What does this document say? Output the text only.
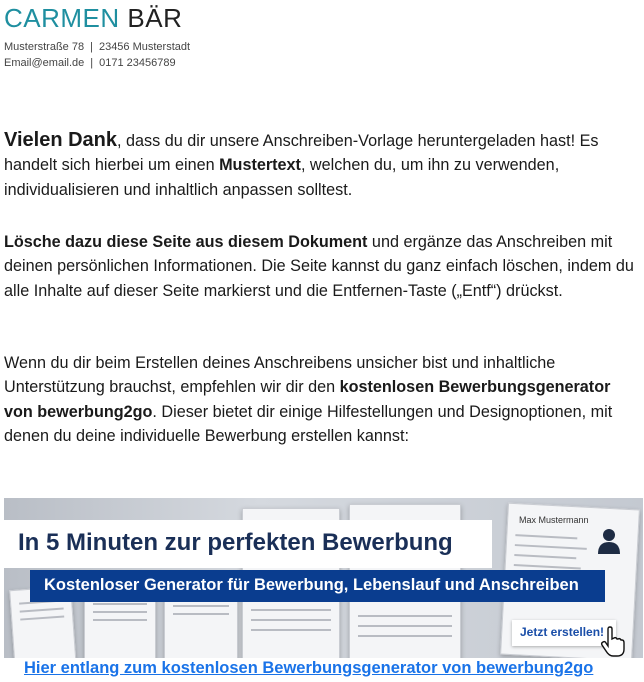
CARMEN BÄR
Musterstraße 78 | 23456 Musterstadt
Email@email.de | 0171 23456789
Vielen Dank, dass du dir unsere Anschreiben-Vorlage heruntergeladen hast! Es handelt sich hierbei um einen Mustertext, welchen du, um ihn zu verwenden, individualisieren und inhaltlich anpassen solltest.
Lösche dazu diese Seite aus diesem Dokument und ergänze das Anschreiben mit deinen persönlichen Informationen. Die Seite kannst du ganz einfach löschen, indem du alle Inhalte auf dieser Seite markierst und die Entfernen-Taste („Entf“) drückst.
Wenn du dir beim Erstellen deines Anschreibens unsicher bist und inhaltliche Unterstützung brauchst, empfehlen wir dir den kostenlosen Bewerbungsgenerator von bewerbung2go. Dieser bietet dir einige Hilfestellungen und Designoptionen, mit denen du deine individuelle Bewerbung erstellen kannst:
In 5 Minuten zur perfekten Bewerbung
Max Mustermann
Kostenloser Generator für Bewerbung, Lebenslauf und Anschreiben
Jetzt erstellen!
Hier entlang zum kostenlosen Bewerbungsgenerator von bewerbung2go
